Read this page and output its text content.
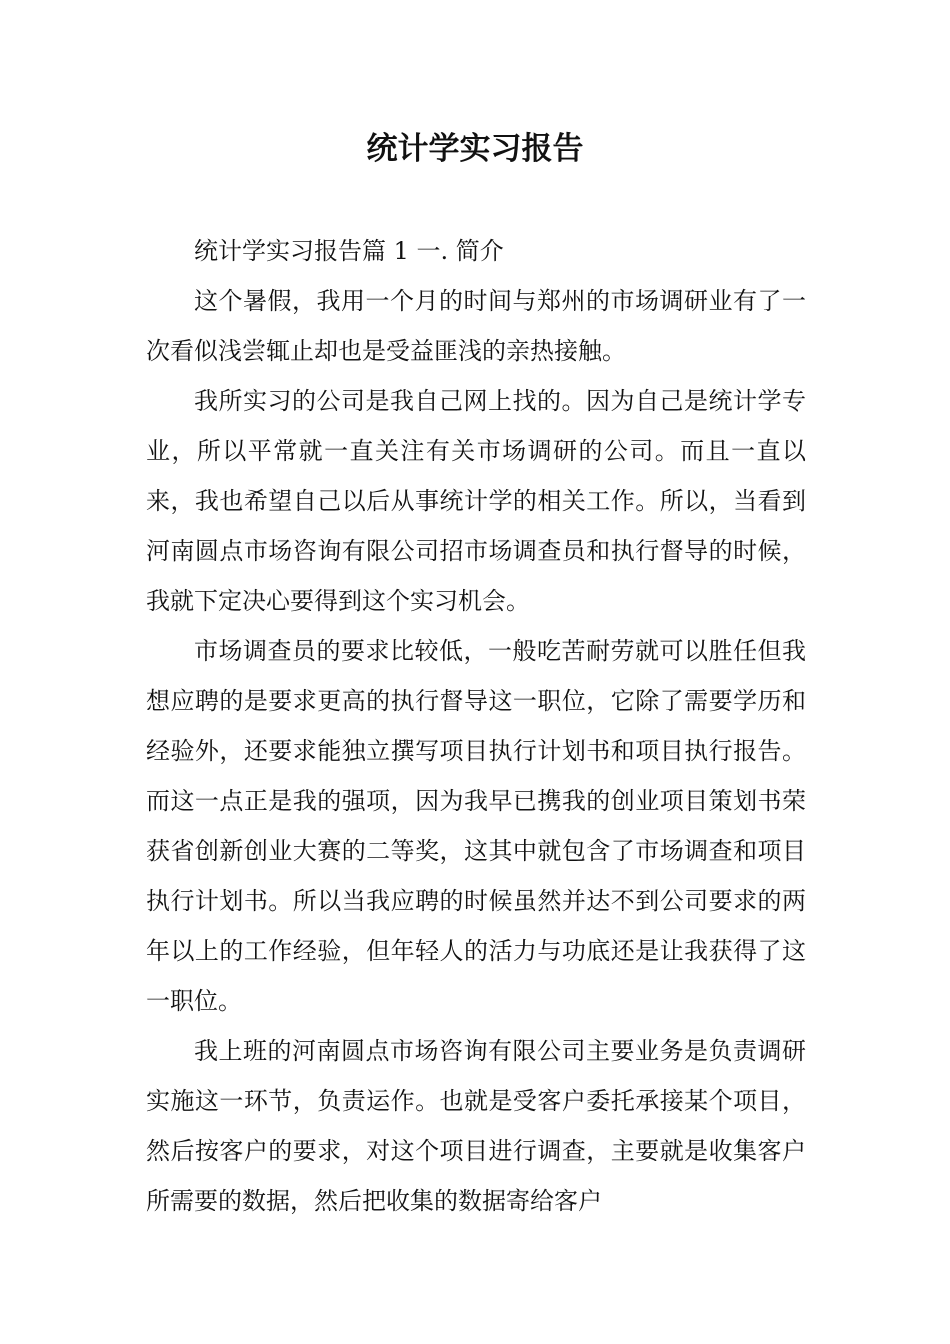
统计学实习报告

统计学实习报告篇 1 一. 简介

这个暑假，我用一个月的时间与郑州的市场调研业有了一次看似浅尝辄止却也是受益匪浅的亲热接触。

我所实习的公司是我自己网上找的。因为自己是统计学专业，所以平常就一直关注有关市场调研的公司。而且一直以来，我也希望自己以后从事统计学的相关工作。所以，当看到河南圆点市场咨询有限公司招市场调查员和执行督导的时候，我就下定决心要得到这个实习机会。

市场调查员的要求比较低，一般吃苦耐劳就可以胜任但我想应聘的是要求更高的执行督导这一职位，它除了需要学历和经验外，还要求能独立撰写项目执行计划书和项目执行报告。而这一点正是我的强项，因为我早已携我的创业项目策划书荣获省创新创业大赛的二等奖，这其中就包含了市场调查和项目执行计划书。所以当我应聘的时候虽然并达不到公司要求的两年以上的工作经验，但年轻人的活力与功底还是让我获得了这一职位。

我上班的河南圆点市场咨询有限公司主要业务是负责调研实施这一环节，负责运作。也就是受客户委托承接某个项目，然后按客户的要求，对这个项目进行调查，主要就是收集客户所需要的数据，然后把收集的数据寄给客户
